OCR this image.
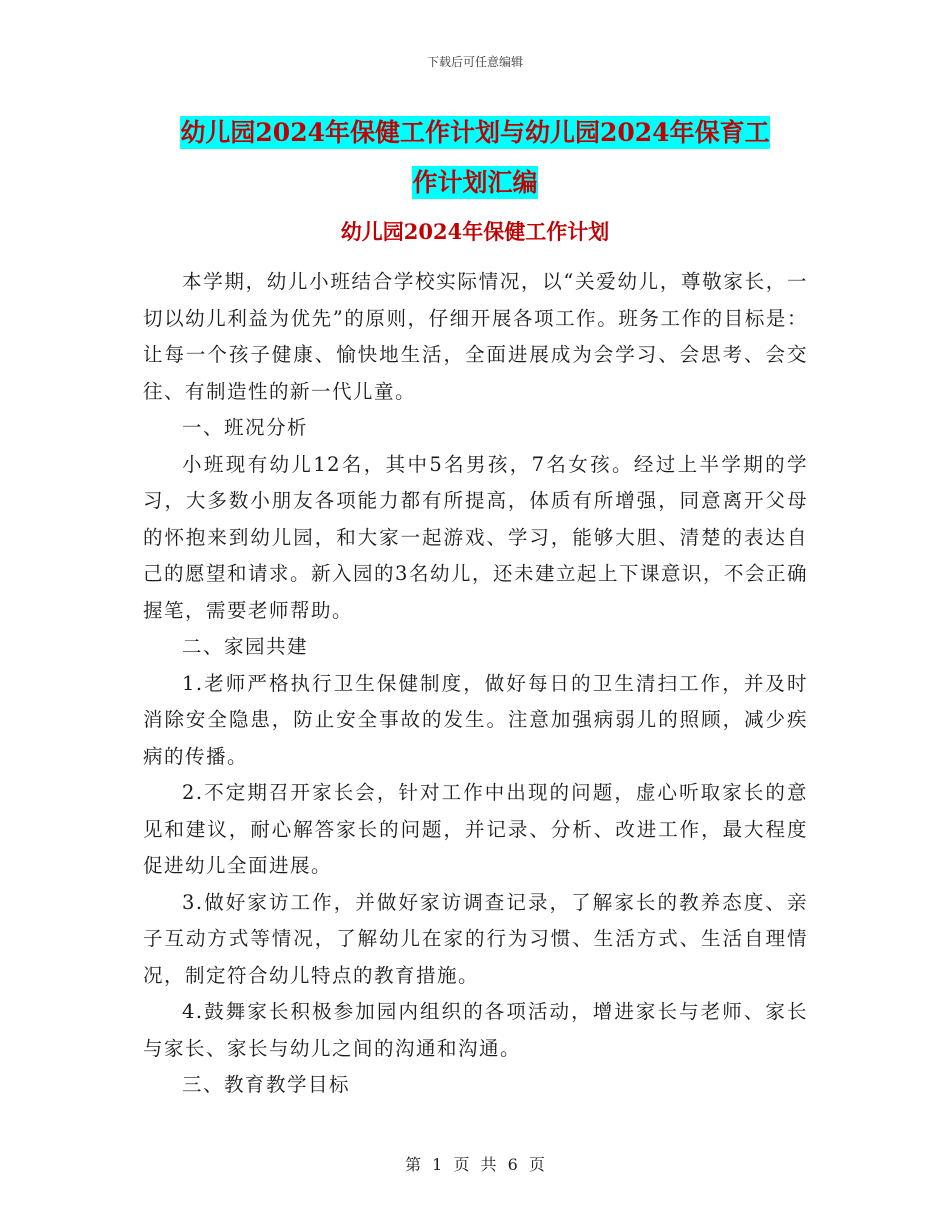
下载后可任意编辑
幼儿园2024年保健工作计划与幼儿园2024年保育工
作计划汇编
幼儿园2024年保健工作计划

本学期，幼儿小班结合学校实际情况，以“关爱幼儿，尊敬家长，一切以幼儿利益为优先”的原则，仔细开展各项工作。班务工作的目标是：让每一个孩子健康、愉快地生活，全面进展成为会学习、会思考、会交往、有制造性的新一代儿童。

一、班况分析

小班现有幼儿12名，其中5名男孩，7名女孩。经过上半学期的学习，大多数小朋友各项能力都有所提高，体质有所增强，同意离开父母的怀抱来到幼儿园，和大家一起游戏、学习，能够大胆、清楚的表达自己的愿望和请求。新入园的3名幼儿，还未建立起上下课意识，不会正确握笔，需要老师帮助。

二、家园共建

1.老师严格执行卫生保健制度，做好每日的卫生清扫工作，并及时消除安全隐患，防止安全事故的发生。注意加强病弱儿的照顾，减少疾病的传播。

2.不定期召开家长会，针对工作中出现的问题，虚心听取家长的意见和建议，耐心解答家长的问题，并记录、分析、改进工作，最大程度促进幼儿全面进展。

3.做好家访工作，并做好家访调查记录，了解家长的教养态度、亲子互动方式等情况，了解幼儿在家的行为习惯、生活方式、生活自理情况，制定符合幼儿特点的教育措施。

4.鼓舞家长积极参加园内组织的各项活动，增进家长与老师、家长与家长、家长与幼儿之间的沟通和沟通。

三、教育教学目标

第 1 页 共 6 页
